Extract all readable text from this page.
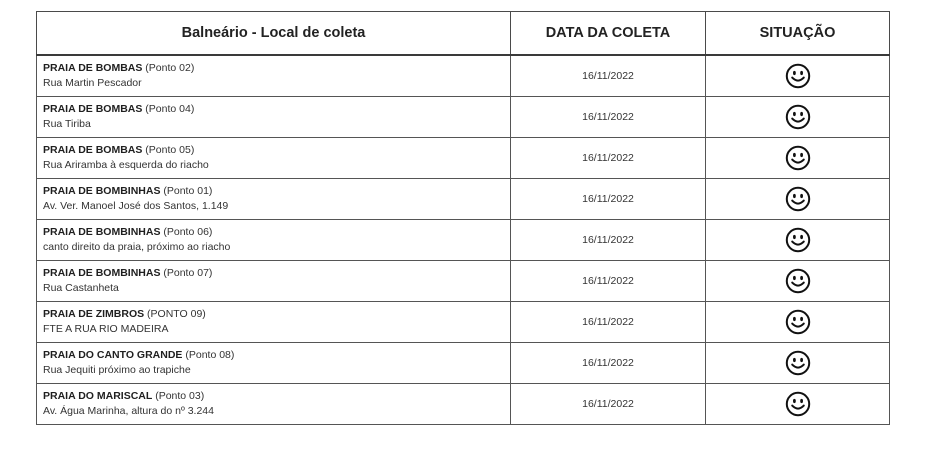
Balneário - Local de coleta	DATA DA COLETA	SITUAÇÃO

PRAIA DE BOMBAS (Ponto 02)
Rua Martin Pescador	16/11/2022	

PRAIA DE BOMBAS (Ponto 04)
Rua Tiriba	16/11/2022	

PRAIA DE BOMBAS (Ponto 05)
Rua Ariramba à esquerda do riacho	16/11/2022	

PRAIA DE BOMBINHAS (Ponto 01)
Av. Ver. Manoel José dos Santos, 1.149	16/11/2022	

PRAIA DE BOMBINHAS (Ponto 06)
canto direito da praia, próximo ao riacho	16/11/2022	

PRAIA DE BOMBINHAS (Ponto 07)
Rua Castanheta	16/11/2022	

PRAIA DE ZIMBROS (PONTO 09)
FTE A RUA RIO MADEIRA	16/11/2022	

PRAIA DO CANTO GRANDE (Ponto 08)
Rua Jequiti próximo ao trapiche	16/11/2022	

PRAIA DO MARISCAL (Ponto 03)
Av. Água Marinha, altura do nº 3.244	16/11/2022	
